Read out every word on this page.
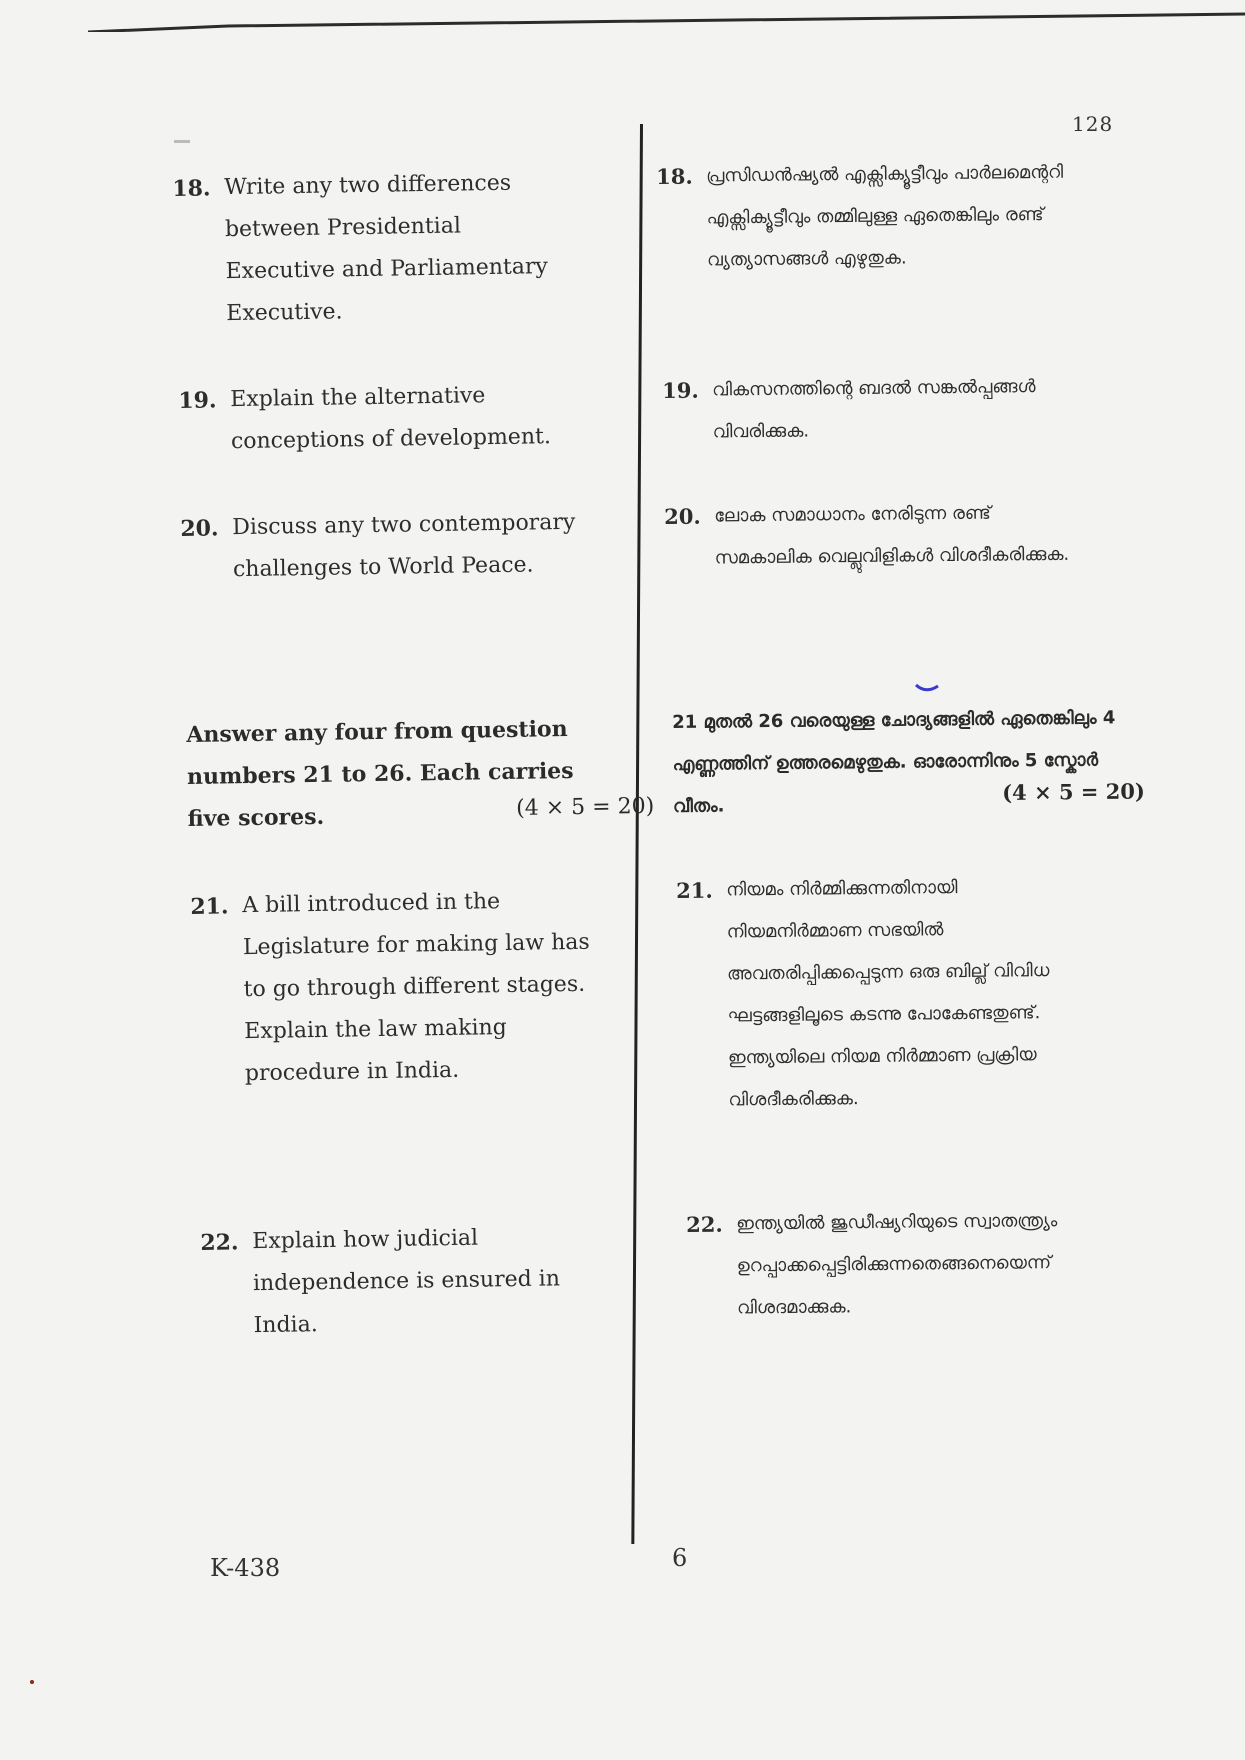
128
18. Write any two differences between Presidential Executive and Parliamentary Executive.
19. Explain the alternative conceptions of development.
20. Discuss any two contemporary challenges to World Peace.
Answer any four from question numbers 21 to 26. Each carries five scores.	(4 × 5 = 20)
21. A bill introduced in the Legislature for making law has to go through different stages. Explain the law making procedure in India.
22. Explain how judicial independence is ensured in India.
18. പ്രസിഡൻഷ്യൽ എക്സിക്യൂട്ടീവും പാർലമെന്ററി എക്സിക്യൂട്ടീവും തമ്മിലുള്ള ഏതെങ്കിലും രണ്ട് വ്യത്യാസങ്ങൾ എഴുതുക.
19. വികസനത്തിന്റെ ബദൽ സങ്കൽപ്പങ്ങൾ വിവരിക്കുക.
20. ലോക സമാധാനം നേരിടുന്ന രണ്ട് സമകാലിക വെല്ലുവിളികൾ വിശദീകരിക്കുക.
21 മുതൽ 26 വരെയുള്ള ചോദ്യങ്ങളിൽ ഏതെങ്കിലും 4 എണ്ണത്തിന് ഉത്തരമെഴുതുക. ഓരോന്നിനും 5 സ്കോർ വീതം.
(4 × 5 = 20)
21. നിയമം നിർമ്മിക്കുന്നതിനായി നിയമനിർമ്മാണ സഭയിൽ അവതരിപ്പിക്കപ്പെടുന്ന ഒരു ബില്ല് വിവിധ ഘട്ടങ്ങളിലൂടെ കടന്നു പോകേണ്ടതുണ്ട്. ഇന്ത്യയിലെ നിയമ നിർമ്മാണ പ്രക്രിയ വിശദീകരിക്കുക.
22. ഇന്ത്യയിൽ ജുഡീഷ്യറിയുടെ സ്വാതന്ത്ര്യം ഉറപ്പാക്കപ്പെട്ടിരിക്കുന്നതെങ്ങനെയെന്ന് വിശദമാക്കുക.
K-438	6
